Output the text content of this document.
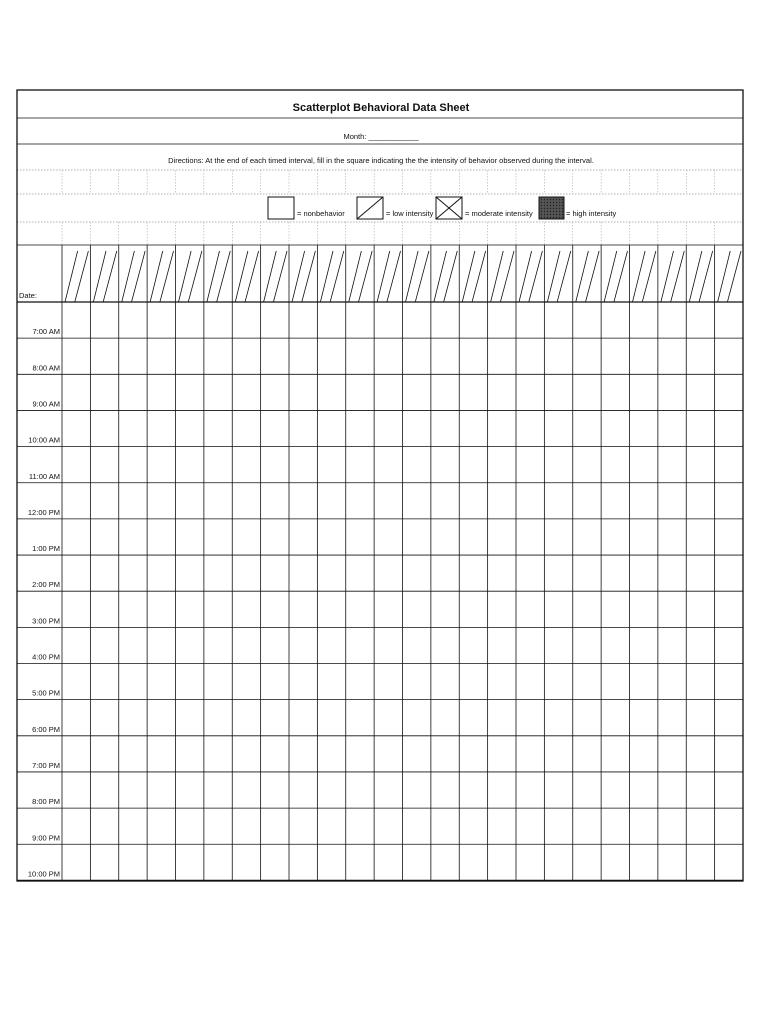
Scatterplot Behavioral Data Sheet
Month: ____________
Directions: At the end of each timed interval, fill in the square indicating the the intensity of behavior observed during the interval.
= nonbehavior	= low intensity	= moderate intensity	= high intensity
Date:
7:00 AM
8:00 AM
9:00 AM
10:00 AM
11:00 AM
12:00 PM
1:00 PM
2:00 PM
3:00 PM
4:00 PM
5:00 PM
6:00 PM
7:00 PM
8:00 PM
9:00 PM
10:00 PM
